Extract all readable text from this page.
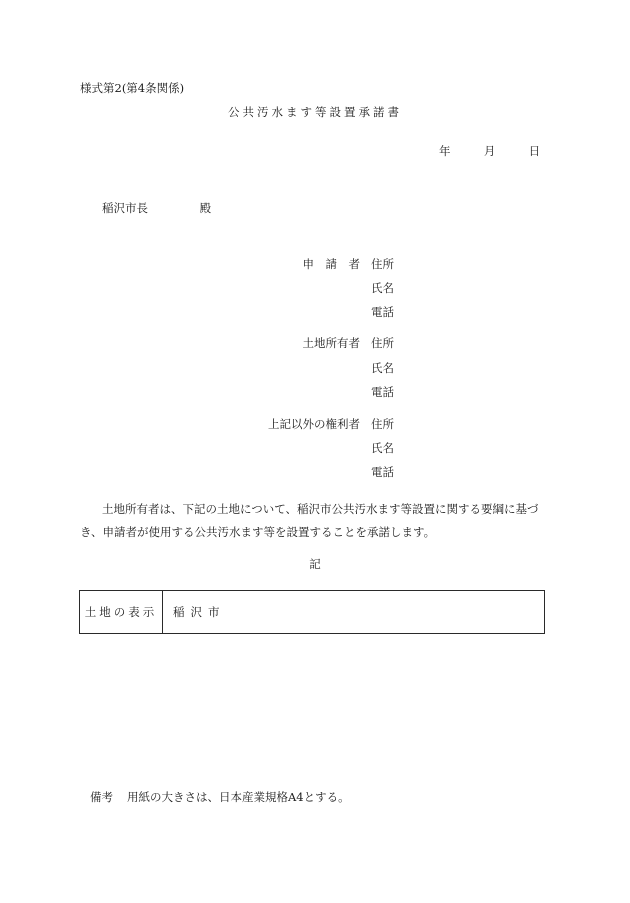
様式第2(第4条関係)
公共汚水ます等設置承諾書
年	月	日
稲沢市長	殿
申　請　者 住所
氏名
電話
土地所有者 住所
氏名
電話
上記以外の権利者 住所
氏名
電話
土地所有者は、下記の土地について、稲沢市公共汚水ます等設置に関する要綱に基づき、申請者が使用する公共汚水ます等を設置することを承諾します。
記
土地の表示	稲沢市
備考 用紙の大きさは、日本産業規格A4とする。
